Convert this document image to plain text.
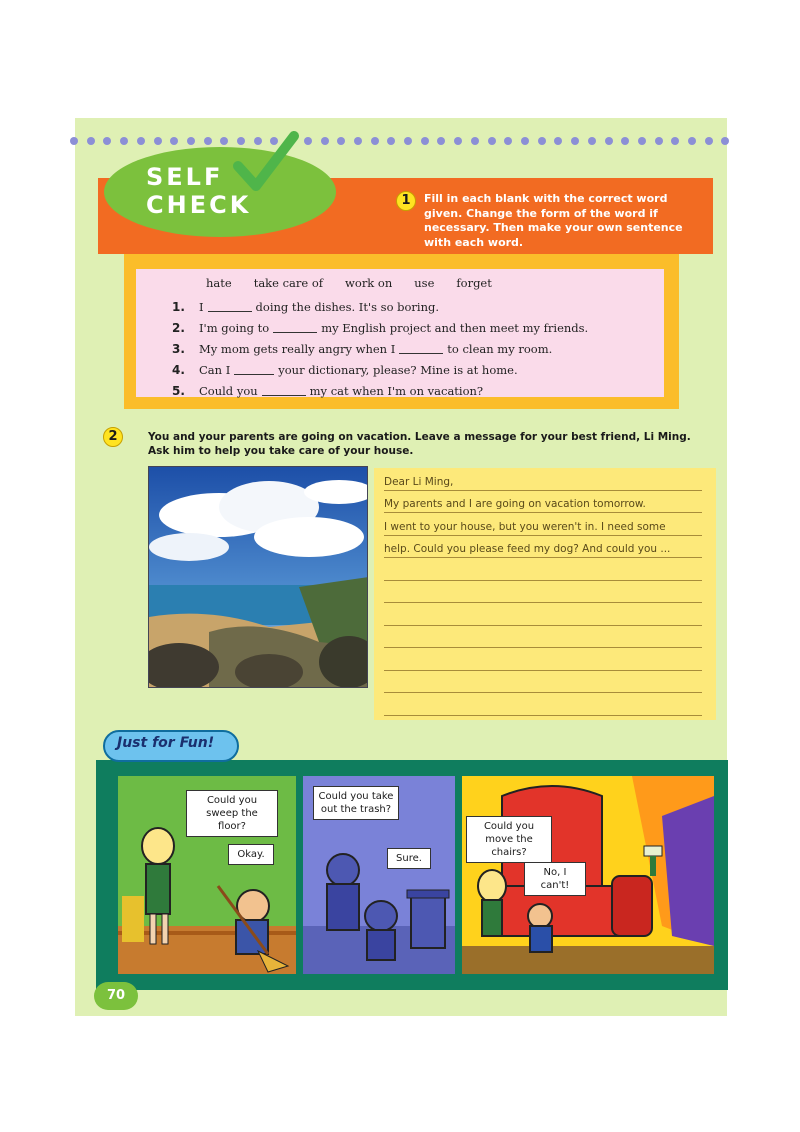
SELF
CHECK	1	Fill in each blank with the correct word given. Change the form of the word if necessary. Then make your own sentence with each word.
hate take care of work on use forget
1.	I	doing the dishes. It's so boring.
2.	I'm going to	my English project and then meet my friends.
3.	My mom gets really angry when I	to clean my room.
4.	Can I	your dictionary, please? Mine is at home.
5.	Could you	my cat when I'm on vacation?
2	You and your parents are going on vacation. Leave a message for your best friend, Li Ming. Ask him to help you take care of your house.
Dear Li Ming,
My parents and I are going on vacation tomorrow.
I went to your house, but you weren't in. I need some
help. Could you please feed my dog? And could you ...
Just for Fun!
Could you sweep the floor?
Okay.
Could you take out the trash?
Sure.
Could you move the chairs?
No, I can't!
70
